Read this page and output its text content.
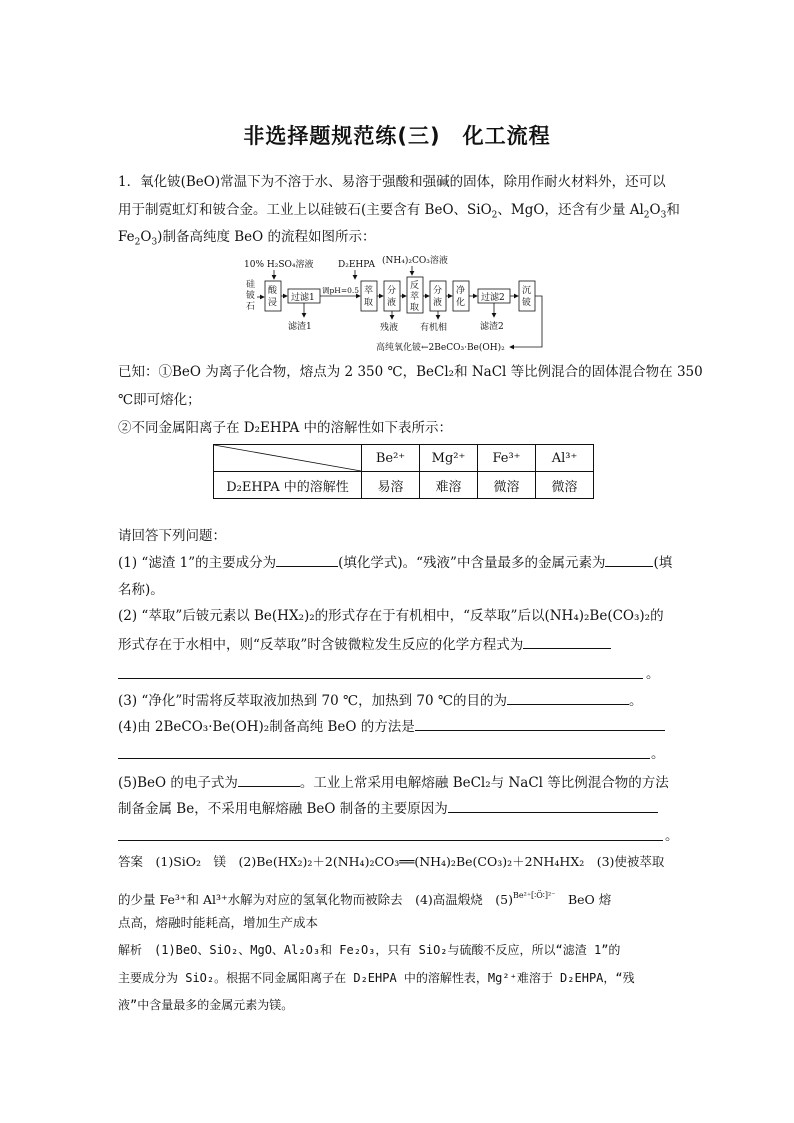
非选择题规范练(三)　化工流程
1．氧化铍(BeO)常温下为不溶于水、易溶于强酸和强碱的固体，除用作耐火材料外，还可以
用于制霓虹灯和铍合金。工业上以硅铍石(主要含有 BeO、SiO$_2$、MgO，还含有少量 $Al_2O_3$和
$Fe_2O_3$)制备高纯度 BeO 的流程如图所示：
10% H₂SO₄溶液	D₂EHPA (NH₄)₂CO₃溶液
硅
铍
石
酸
浸 过滤1
滤渣1
调pH=0.5 萃
取
分
液
残液
反
萃
取
分
液
有机相
净
化 过滤2
滤渣2
沉
铍
高纯氧化铍←2BeCO₃·Be(OH)₂
已知：①BeO 为离子化合物，熔点为 2 350 ℃，BeCl₂和 NaCl 等比例混合的固体混合物在 350
℃即可熔化；
②不同金属阳离子在 D₂EHPA 中的溶解性如下表所示：
	Be²⁺	Mg²⁺	Fe³⁺	Al³⁺
D₂EHPA 中的溶解性	易溶	难溶	微溶	微溶
请回答下列问题：
(1) “滤渣 1”的主要成分为	(填化学式)。“残液”中含量最多的金属元素为	(填
名称)。
(2) “萃取”后铍元素以 Be(HX₂)₂的形式存在于有机相中，“反萃取”后以(NH₄)₂Be(CO₃)₂的
形式存在于水相中，则“反萃取”时含铍微粒发生反应的化学方程式为
。
(3) “净化”时需将反萃取液加热到 70 ℃，加热到 70 ℃的目的为	。
(4)由 2BeCO₃·Be(OH)₂制备高纯 BeO 的方法是
。
(5)BeO 的电子式为	。工业上常采用电解熔融 BeCl₂与 NaCl 等比例混合物的方法
制备金属 Be，不采用电解熔融 BeO 制备的主要原因为
。
答案　(1)SiO₂　镁　(2)Be(HX₂)₂＋2(NH₄)₂CO₃══(NH₄)₂Be(CO₃)₂＋2NH₄HX₂　(3)使被萃取
的少量 Fe³⁺和 Al³⁺水解为对应的氢氧化物而被除去　(4)高温煅烧　$(5)^{Be^{2+}[∶Ö∶]^{2-}}$　BeO 熔
点高，熔融时能耗高，增加生产成本
解析　(1)BeO、SiO₂、MgO、Al₂O₃和 Fe₂O₃，只有 SiO₂与硫酸不反应，所以“滤渣 1”的
主要成分为 SiO₂。根据不同金属阳离子在 D₂EHPA 中的溶解性表，Mg²⁺难溶于 D₂EHPA，“残
液”中含量最多的金属元素为镁。
